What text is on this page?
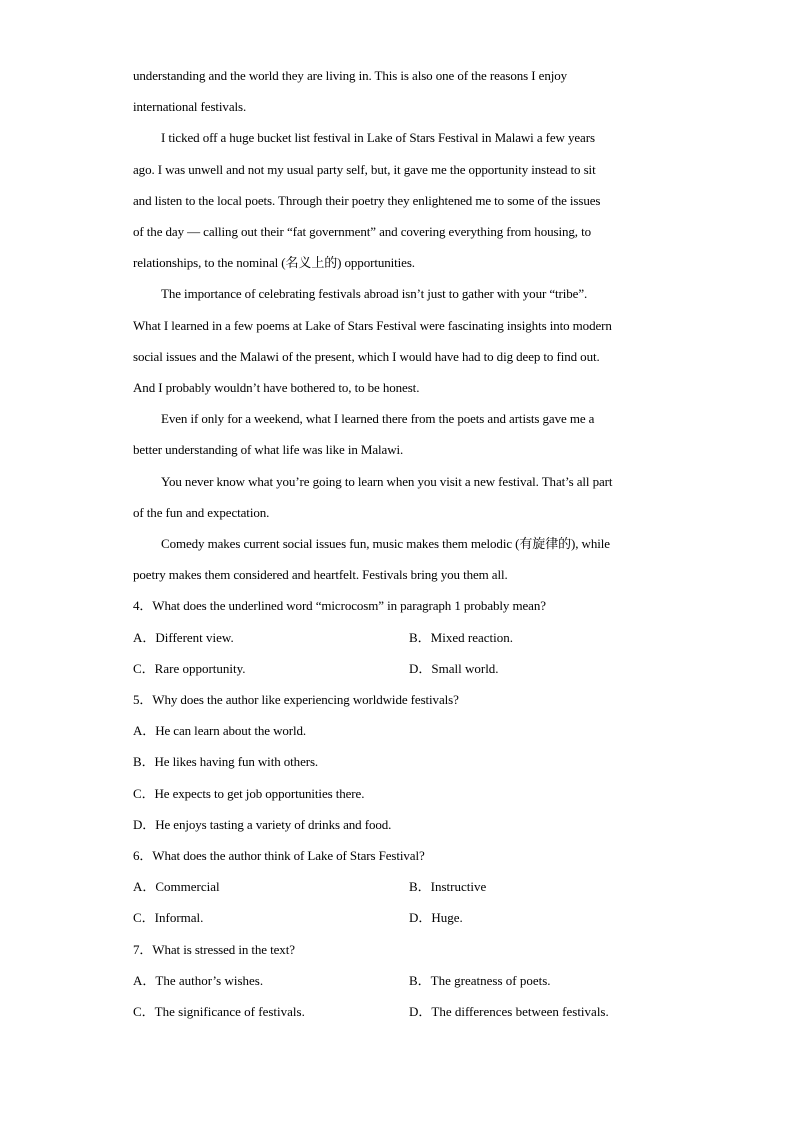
understanding and the world they are living in. This is also one of the reasons I enjoy
international festivals.
I ticked off a huge bucket list festival in Lake of Stars Festival in Malawi a few years
ago. I was unwell and not my usual party self, but, it gave me the opportunity instead to sit
and listen to the local poets. Through their poetry they enlightened me to some of the issues
of the day — calling out their “fat government” and covering everything from housing, to
relationships, to the nominal (名义上的) opportunities.
The importance of celebrating festivals abroad isn’t just to gather with your “tribe”.
What I learned in a few poems at Lake of Stars Festival were fascinating insights into modern
social issues and the Malawi of the present, which I would have had to dig deep to find out.
And I probably wouldn’t have bothered to, to be honest.
Even if only for a weekend, what I learned there from the poets and artists gave me a
better understanding of what life was like in Malawi.
You never know what you’re going to learn when you visit a new festival. That’s all part
of the fun and expectation.
Comedy makes current social issues fun, music makes them melodic (有旋律的), while
poetry makes them considered and heartfelt. Festivals bring you them all.
4．What does the underlined word “microcosm” in paragraph 1 probably mean?
A．Different view.	B．Mixed reaction.
C．Rare opportunity.	D．Small world.
5．Why does the author like experiencing worldwide festivals?
A．He can learn about the world.
B．He likes having fun with others.
C．He expects to get job opportunities there.
D．He enjoys tasting a variety of drinks and food.
6．What does the author think of Lake of Stars Festival?
A．Commercial	B．Instructive
C．Informal.	D．Huge.
7．What is stressed in the text?
A．The author’s wishes.	B．The greatness of poets.
C．The significance of festivals.	D．The differences between festivals.
